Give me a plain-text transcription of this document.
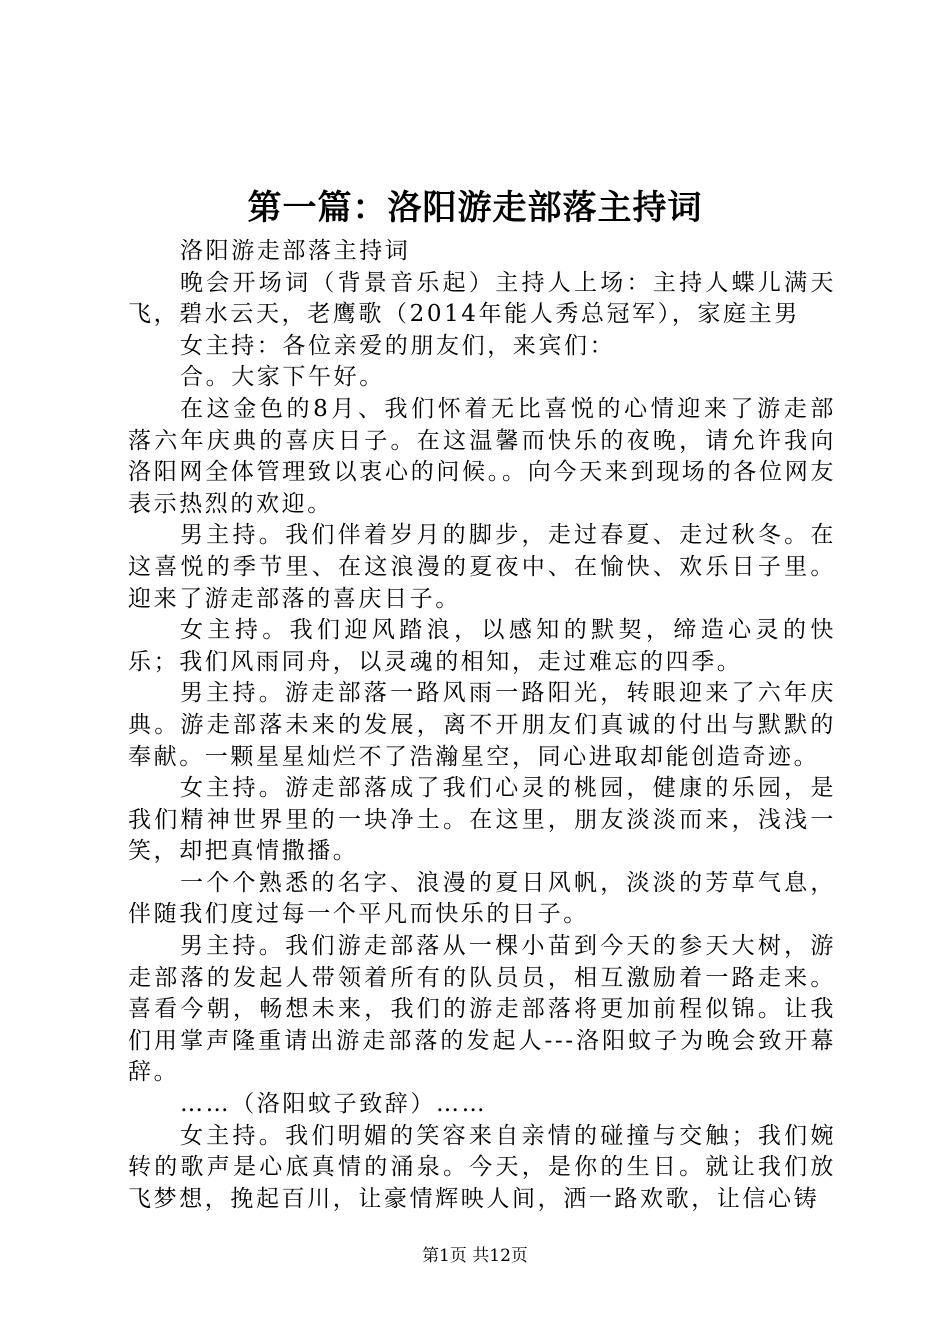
第一篇：洛阳游走部落主持词

洛阳游走部落主持词

晚会开场词（背景音乐起）主持人上场：主持人蝶儿满天飞，碧水云天，老鹰歌（2014年能人秀总冠军），家庭主男

女主持：各位亲爱的朋友们，来宾们：

合。大家下午好。

在这金色的8月、我们怀着无比喜悦的心情迎来了游走部落六年庆典的喜庆日子。在这温馨而快乐的夜晚，请允许我向洛阳网全体管理致以衷心的问候。。向今天来到现场的各位网友表示热烈的欢迎。

男主持。我们伴着岁月的脚步，走过春夏、走过秋冬。在这喜悦的季节里、在这浪漫的夏夜中、在愉快、欢乐日子里。迎来了游走部落的喜庆日子。

女主持。我们迎风踏浪，以感知的默契，缔造心灵的快乐；我们风雨同舟，以灵魂的相知，走过难忘的四季。

男主持。游走部落一路风雨一路阳光，转眼迎来了六年庆典。游走部落未来的发展，离不开朋友们真诚的付出与默默的奉献。一颗星星灿烂不了浩瀚星空，同心进取却能创造奇迹。

女主持。游走部落成了我们心灵的桃园，健康的乐园，是我们精神世界里的一块净土。在这里，朋友淡淡而来，浅浅一笑，却把真情撒播。

一个个熟悉的名字、浪漫的夏日风帆，淡淡的芳草气息，伴随我们度过每一个平凡而快乐的日子。

男主持。我们游走部落从一棵小苗到今天的参天大树，游走部落的发起人带领着所有的队员员，相互激励着一路走来。喜看今朝，畅想未来，我们的游走部落将更加前程似锦。让我们用掌声隆重请出游走部落的发起人---洛阳蚊子为晚会致开幕辞。

……（洛阳蚊子致辞）……

女主持。我们明媚的笑容来自亲情的碰撞与交触；我们婉转的歌声是心底真情的涌泉。今天，是你的生日。就让我们放飞梦想，挽起百川，让豪情辉映人间，洒一路欢歌，让信心铸

第1页 共12页
